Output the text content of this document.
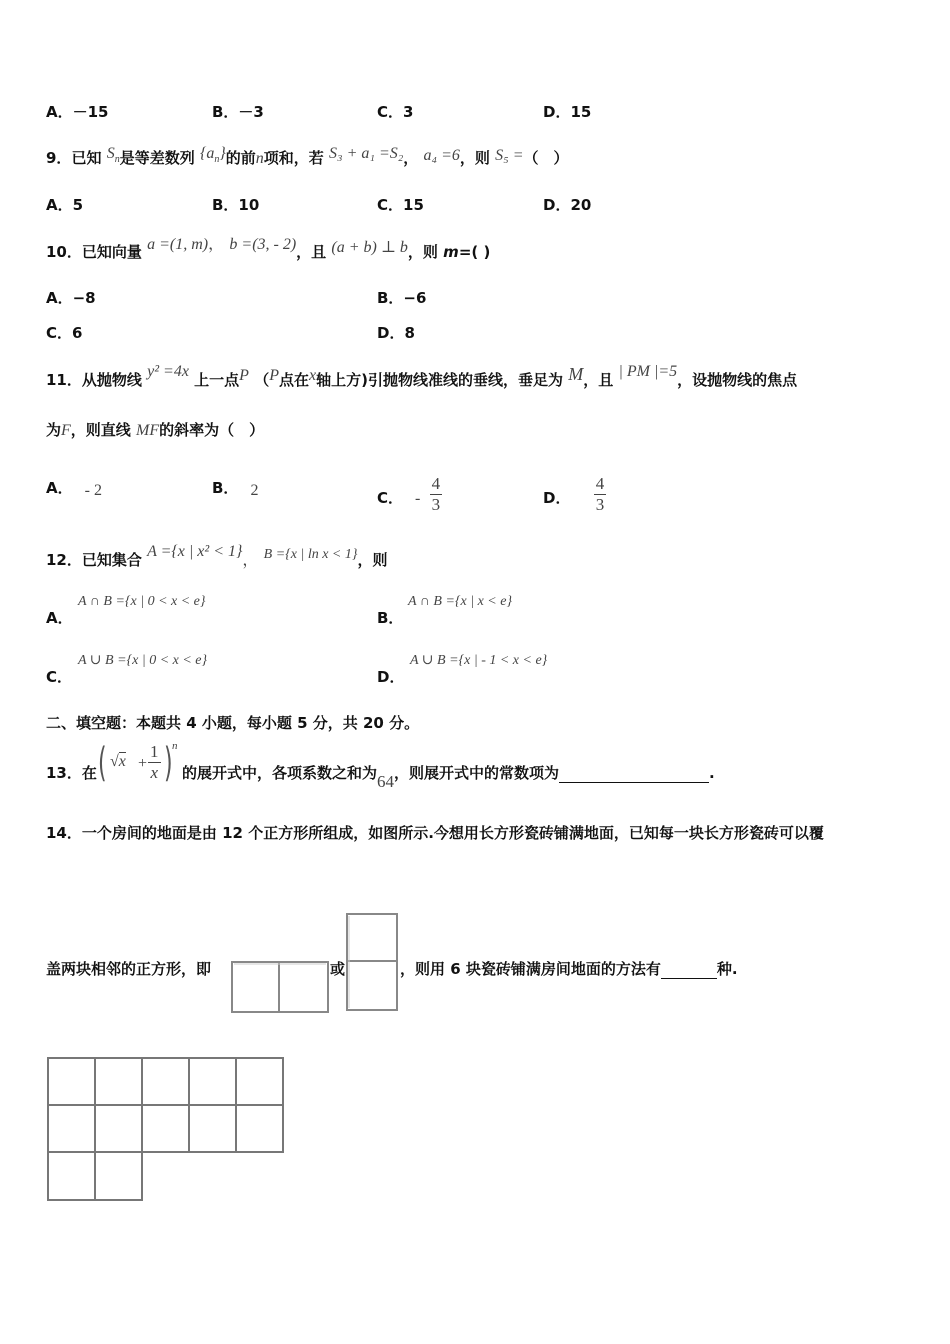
A．－15	B．－3	C．3	D．15
9．已知 $S_n$是等差数列 $\{a_n\}$的前n项和，若 S₃ + a₁ =S₂， a₄ =6，则 S₅ =（　）
A．5	B．10	C．15	D．20
10．已知向量 a =(1, m)， b =(3, - 2)，且 (a + b) ⊥ b，则 m=( )
A．−8	B．−6
C．6	D．8
11．从抛物线 y² =4x 上一点P （P点在x轴上方)引抛物线准线的垂线，垂足为 M，且 | PM |=5，设抛物线的焦点
为F，则直线 MF的斜率为（　）
A． - 2	B． 2	C． - $\frac{4}{3}$	D． $\frac{4}{3}$
12．已知集合 A ={x | x² < 1}， B ={x | ln x < 1}，则
A．
A ∩ B ={x | 0 < x < e}
B．
A ∩ B ={x | x < e}
C．
A ∪ B ={x | 0 < x < e}
D．
A ∪ B ={x | - 1 < x < e}
二、填空题：本题共 4 小题，每小题 5 分，共 20 分。
13．在 ( $√x + \frac{1}{x}$ ) n
的展开式中，各项系数之和为64，则展开式中的常数项为	.
14．一个房间的地面是由 12 个正方形所组成，如图所示.今想用长方形瓷砖铺满地面，已知每一块长方形瓷砖可以覆
盖两块相邻的正方形，即	或	，则用 6 块瓷砖铺满房间地面的方法有	种.
